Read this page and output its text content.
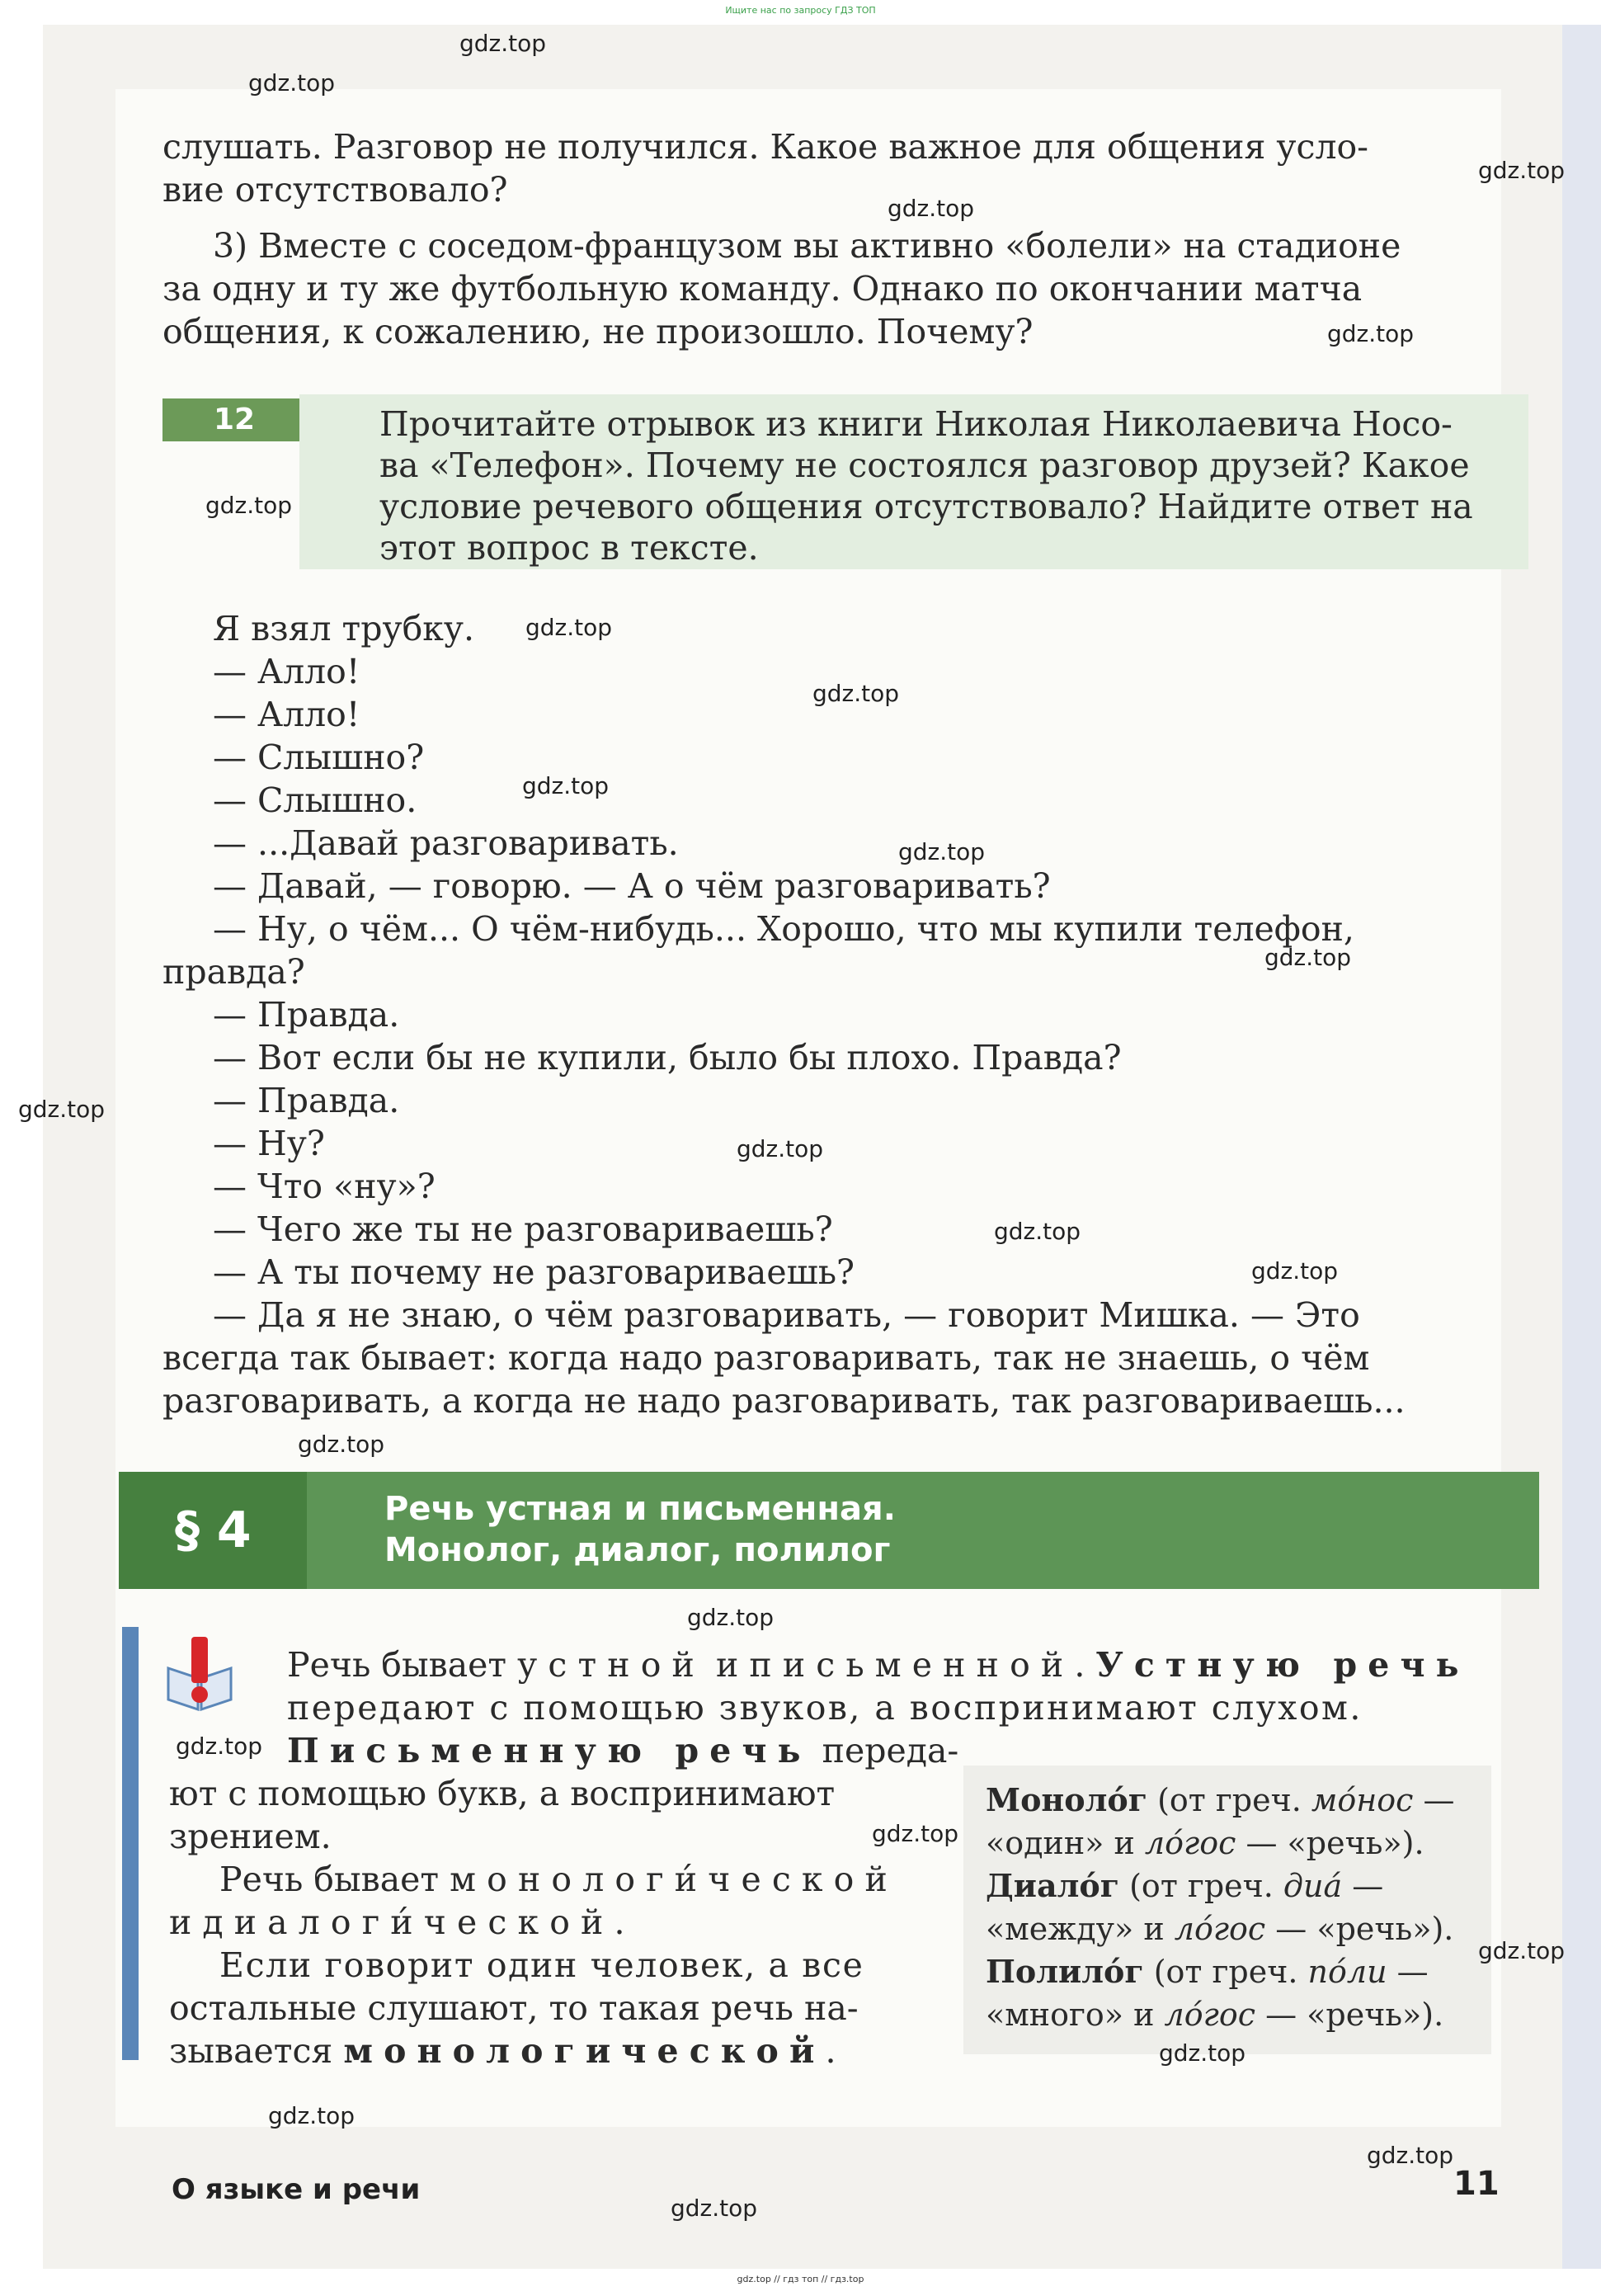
Ищите нас по запросу ГДЗ ТОП
слушать. Разговор не получился. Какое важное для общения усло-
вие отсутствовало?
3) Вместе с соседом-французом вы активно «болели» на стадионе
за одну и ту же футбольную команду. Однако по окончании матча
общения, к сожалению, не произошло. Почему?
12	Прочитайте отрывок из книги Николая Николаевича Носо-
ва «Телефон». Почему не состоялся разговор друзей? Какое
условие речевого общения отсутствовало? Найдите ответ на
этот вопрос в тексте.
Я взял трубку.
— Алло!
— Алло!
— Слышно?
— Слышно.
— ...Давай разговаривать.
— Давай, — говорю. — А о чём разговаривать?
— Ну, о чём... О чём-нибудь... Хорошо, что мы купили телефон,
правда?
— Правда.
— Вот если бы не купили, было бы плохо. Правда?
— Правда.
— Ну?
— Что «ну»?
— Чего же ты не разговариваешь?
— А ты почему не разговариваешь?
— Да я не знаю, о чём разговаривать, — говорит Мишка. — Это
всегда так бывает: когда надо разговаривать, так не знаешь, о чём
разговаривать, а когда не надо разговаривать, так разговариваешь...
§ 4	Речь устная и письменная.
Монолог, диалог, полилог
Речь бывает устной и письменной. Устную речь
передают с помощью звуков, а воспринимают слухом.
Письменную речь переда-
ют с помощью букв, а воспринимают
зрением.
Речь бывает монологи́ческой
и диалоги́ческой.
Если говорит один человек, а все
остальные слушают, то такая речь на-
зывается монологической.
Моноло́г (от греч. мо́нос —
«один» и ло́гос — «речь»).
Диало́г (от греч. диа́ —
«между» и ло́гос — «речь»).
Полило́г (от греч. по́ли —
«много» и ло́гос — «речь»).
О языке и речи	11
gdz.top
gdz.top
gdz.top
gdz.top
gdz.top
gdz.top
gdz.top
gdz.top
gdz.top
gdz.top
gdz.top
gdz.top
gdz.top
gdz.top
gdz.top
gdz.top
gdz.top
gdz.top
gdz.top
gdz.top
gdz.top
gdz.top
gdz.top
gdz.top
gdz.top // гдз топ // гдз.top
